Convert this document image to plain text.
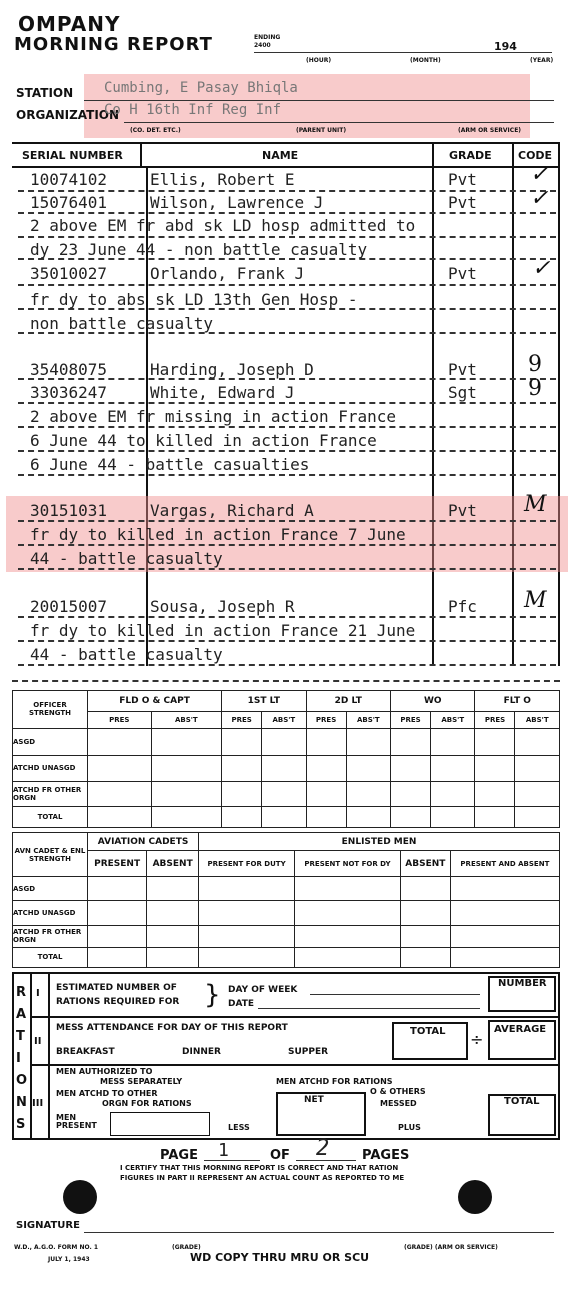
OMPANY
MORNING REPORT	ENDING
2400	194
(HOUR)	(MONTH)	(YEAR)
STATION Cumbing, E Pasay Bhiqla
ORGANIZATION
Co H 16th Inf Reg Inf
(CO. DET. ETC.)	(PARENT UNIT)	(ARM OR SERVICE)
SERIAL NUMBER	NAME	GRADE CODE
10074102	Ellis, Robert E	Pvt ✓
15076401	Wilson, Lawrence J	Pvt ✓
2 above EM fr abd sk LD hosp admitted to
dy 23 June 44 - non battle casualty
35010027	Orlando, Frank J	Pvt	✓
fr dy to abs sk LD 13th Gen Hosp -
non battle casualty
35408075	Harding, Joseph D	Pvt 9
33036247	White, Edward J	Sgt 9
2 above EM fr missing in action France
6 June 44 to killed in action France
6 June 44 - battle casualties
30151031	Vargas, Richard A	Pvt M
fr dy to killed in action France 7 June
44 - battle casualty
20015007	Sousa, Joseph R	Pfc M
fr dy to killed in action France 21 June
44 - battle casualty
OFFICER STRENGTH	FLD O & CAPT		1ST LT		2D LT		WO		FLT O	
	PRES	ABS'T	PRES	ABS'T	PRES	ABS'T	PRES	ABS'T	PRES	ABS'T
ASGD										
ATCHD UNASGD										
ATCHD FR OTHER ORGN										
TOTAL										
AVN CADET & ENL STRENGTH	AVIATION CADETS		ENLISTED MEN			
	PRESENT	ABSENT	PRESENT FOR DUTY	PRESENT NOT FOR DY	ABSENT	PRESENT AND ABSENT
ASGD						
ATCHD UNASGD						
ATCHD FR OTHER ORGN						
TOTAL						
R
A
T
I
O
N
S
I
II
III
ESTIMATED NUMBER OF
RATIONS REQUIRED FOR } DAY OF WEEK
DATE
NUMBER
MESS ATTENDANCE FOR DAY OF THIS REPORT
BREAKFAST	DINNER	SUPPER
TOTAL ÷
AVERAGE
MEN AUTHORIZED TO
MESS SEPARATELY	MEN ATCHD FOR RATIONS
MEN ATCHD TO OTHER
ORGN FOR RATIONS
O & OTHERS
MESSED
MEN PRESENT	LESS
NET
PLUS
TOTAL
PAGE 1	OF 2	PAGES
I CERTIFY THAT THIS MORNING REPORT IS CORRECT AND THAT RATION
FIGURES IN PART II REPRESENT AN ACTUAL COUNT AS REPORTED TO ME
SIGNATURE
W.D., A.G.O. FORM NO. 1
JULY 1, 1943
(GRADE)
WD COPY THRU MRU OR SCU
(GRADE) (ARM OR SERVICE)
